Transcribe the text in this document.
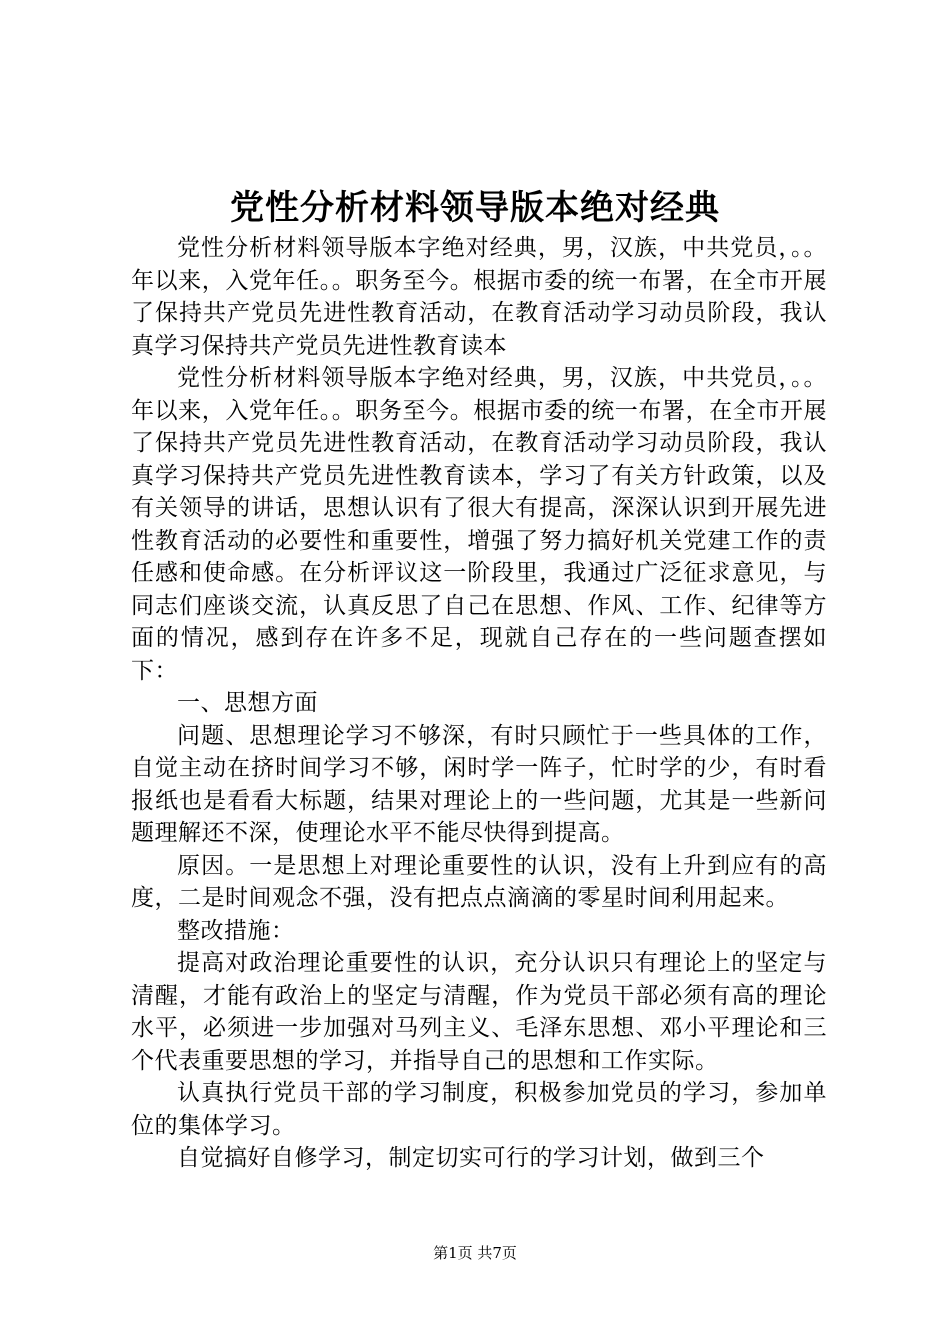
党性分析材料领导版本绝对经典

党性分析材料领导版本字绝对经典，男，汉族，中共党员，。。年以来，入党年任。。职务至今。根据市委的统一布署，在全市开展了保持共产党员先进性教育活动，在教育活动学习动员阶段，我认真学习保持共产党员先进性教育读本

党性分析材料领导版本字绝对经典，男，汉族，中共党员，。。年以来，入党年任。。职务至今。根据市委的统一布署，在全市开展了保持共产党员先进性教育活动，在教育活动学习动员阶段，我认真学习保持共产党员先进性教育读本，学习了有关方针政策，以及有关领导的讲话，思想认识有了很大有提高，深深认识到开展先进性教育活动的必要性和重要性，增强了努力搞好机关党建工作的责任感和使命感。在分析评议这一阶段里，我通过广泛征求意见，与同志们座谈交流，认真反思了自己在思想、作风、工作、纪律等方面的情况，感到存在许多不足，现就自己存在的一些问题查摆如下：

一、思想方面

问题、思想理论学习不够深，有时只顾忙于一些具体的工作，自觉主动在挤时间学习不够，闲时学一阵子，忙时学的少，有时看报纸也是看看大标题，结果对理论上的一些问题，尤其是一些新问题理解还不深，使理论水平不能尽快得到提高。

原因。一是思想上对理论重要性的认识，没有上升到应有的高度，二是时间观念不强，没有把点点滴滴的零星时间利用起来。

整改措施：

提高对政治理论重要性的认识，充分认识只有理论上的坚定与清醒，才能有政治上的坚定与清醒，作为党员干部必须有高的理论水平，必须进一步加强对马列主义、毛泽东思想、邓小平理论和三个代表重要思想的学习，并指导自己的思想和工作实际。

认真执行党员干部的学习制度，积极参加党员的学习，参加单位的集体学习。

自觉搞好自修学习，制定切实可行的学习计划，做到三个

第1页 共7页
